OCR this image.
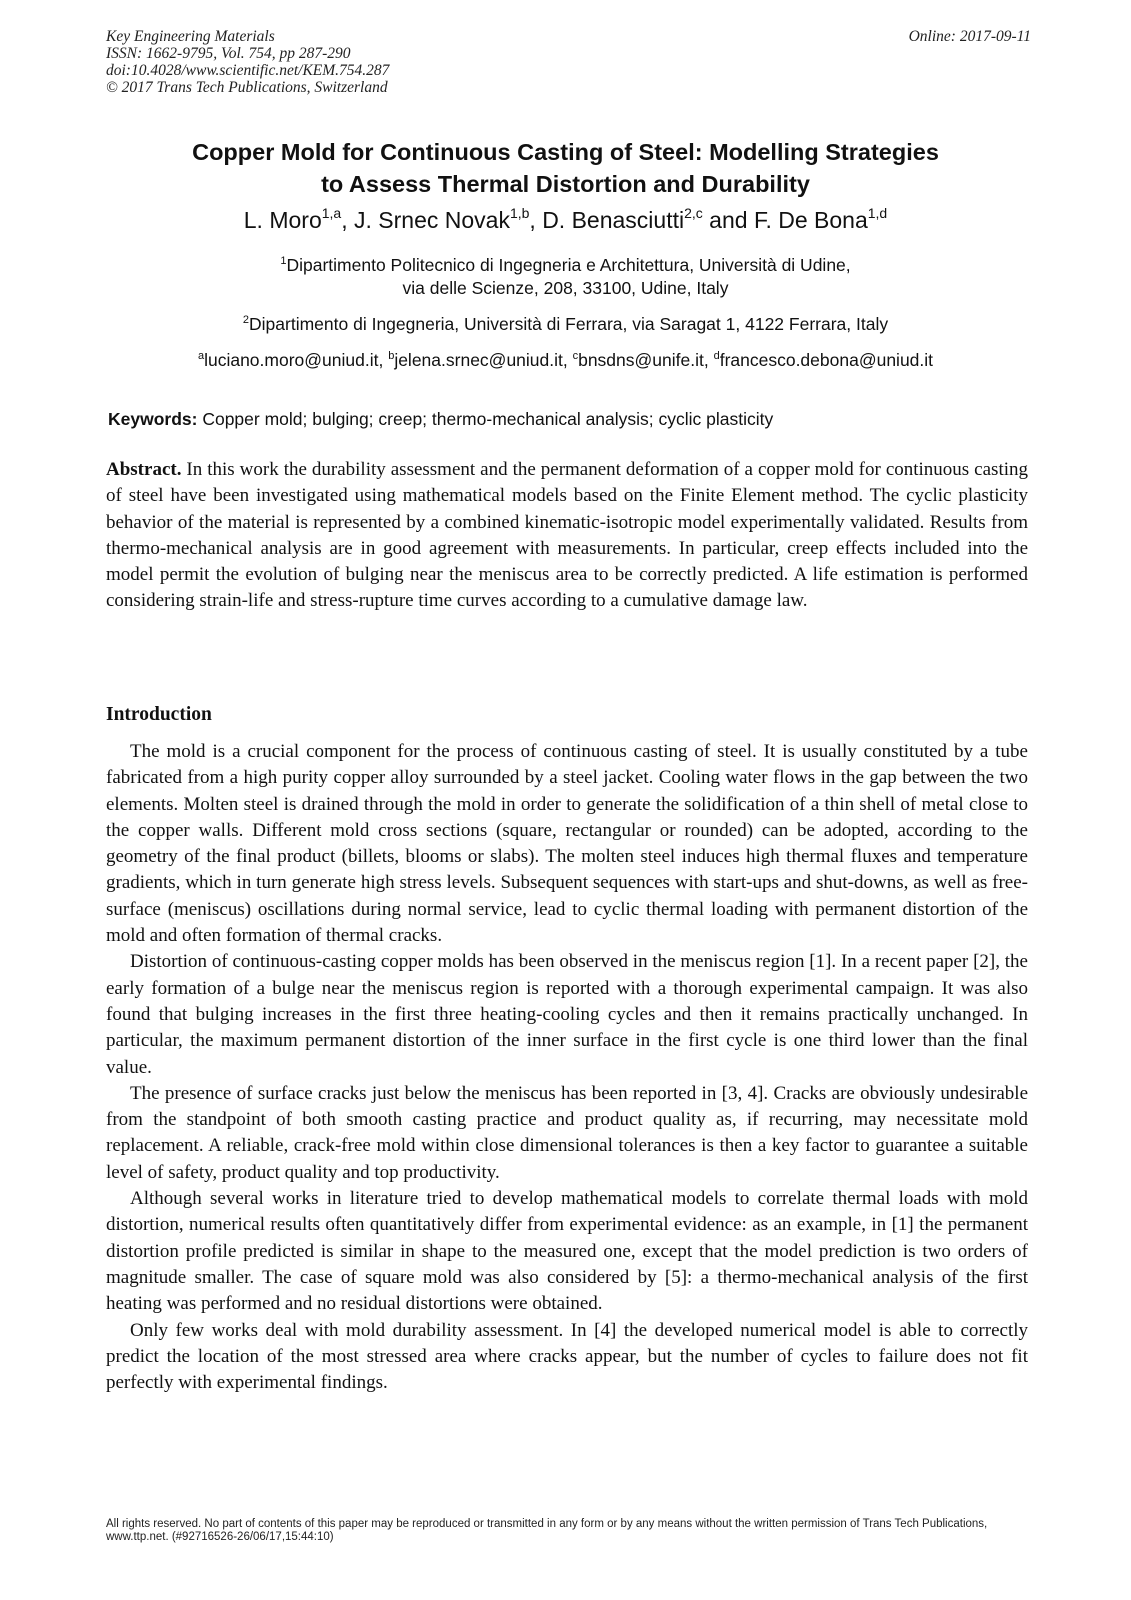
Key Engineering Materials
ISSN: 1662-9795, Vol. 754, pp 287-290
doi:10.4028/www.scientific.net/KEM.754.287
© 2017 Trans Tech Publications, Switzerland
Online: 2017-09-11
Copper Mold for Continuous Casting of Steel: Modelling Strategies
to Assess Thermal Distortion and Durability
L. Moro$^{1,a}$, J. Srnec Novak$^{1,b}$, D. Benasciutti$^{2,c}$ and F. De Bona$^{1,d}$
$^1$Dipartimento Politecnico di Ingegneria e Architettura, Università di Udine,
via delle Scienze, 208, 33100, Udine, Italy
$^2$Dipartimento di Ingegneria, Università di Ferrara, via Saragat 1, 4122 Ferrara, Italy
$^a$luciano.moro@uniud.it, $^b$jelena.srnec@uniud.it, $^c$bnsdns@unife.it, $^d$francesco.debona@uniud.it
Keywords: Copper mold; bulging; creep; thermo-mechanical analysis; cyclic plasticity
Abstract. In this work the durability assessment and the permanent deformation of a copper mold for continuous casting of steel have been investigated using mathematical models based on the Finite Element method. The cyclic plasticity behavior of the material is represented by a combined kinematic-isotropic model experimentally validated. Results from thermo-mechanical analysis are in good agreement with measurements. In particular, creep effects included into the model permit the evolution of bulging near the meniscus area to be correctly predicted. A life estimation is performed considering strain-life and stress-rupture time curves according to a cumulative damage law.
Introduction

The mold is a crucial component for the process of continuous casting of steel. It is usually constituted by a tube fabricated from a high purity copper alloy surrounded by a steel jacket. Cooling water flows in the gap between the two elements. Molten steel is drained through the mold in order to generate the solidification of a thin shell of metal close to the copper walls. Different mold cross sections (square, rectangular or rounded) can be adopted, according to the geometry of the final product (billets, blooms or slabs). The molten steel induces high thermal fluxes and temperature gradients, which in turn generate high stress levels. Subsequent sequences with start-ups and shut-downs, as well as free-surface (meniscus) oscillations during normal service, lead to cyclic thermal loading with permanent distortion of the mold and often formation of thermal cracks.

Distortion of continuous-casting copper molds has been observed in the meniscus region [1]. In a recent paper [2], the early formation of a bulge near the meniscus region is reported with a thorough experimental campaign. It was also found that bulging increases in the first three heating-cooling cycles and then it remains practically unchanged. In particular, the maximum permanent distortion of the inner surface in the first cycle is one third lower than the final value.

The presence of surface cracks just below the meniscus has been reported in [3, 4]. Cracks are obviously undesirable from the standpoint of both smooth casting practice and product quality as, if recurring, may necessitate mold replacement. A reliable, crack-free mold within close dimensional tolerances is then a key factor to guarantee a suitable level of safety, product quality and top productivity.

Although several works in literature tried to develop mathematical models to correlate thermal loads with mold distortion, numerical results often quantitatively differ from experimental evidence: as an example, in [1] the permanent distortion profile predicted is similar in shape to the measured one, except that the model prediction is two orders of magnitude smaller. The case of square mold was also considered by [5]: a thermo-mechanical analysis of the first heating was performed and no residual distortions were obtained.

Only few works deal with mold durability assessment. In [4] the developed numerical model is able to correctly predict the location of the most stressed area where cracks appear, but the number of cycles to failure does not fit perfectly with experimental findings.

All rights reserved. No part of contents of this paper may be reproduced or transmitted in any form or by any means without the written permission of Trans Tech Publications, www.ttp.net. (#92716526-26/06/17,15:44:10)
